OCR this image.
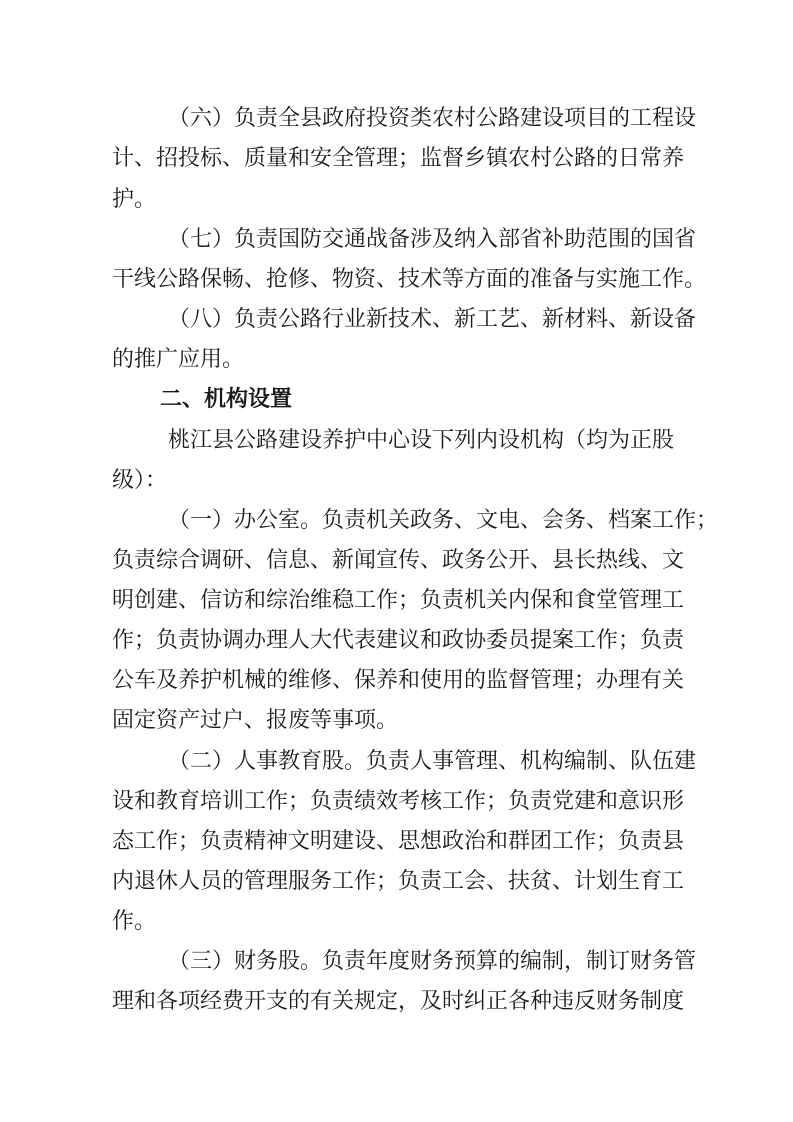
（六）负责全县政府投资类农村公路建设项目的工程设

计、招投标、质量和安全管理；监督乡镇农村公路的日常养

护。

（七）负责国防交通战备涉及纳入部省补助范围的国省

干线公路保畅、抢修、物资、技术等方面的准备与实施工作。

（八）负责公路行业新技术、新工艺、新材料、新设备

的推广应用。

二、机构设置

桃江县公路建设养护中心设下列内设机构（均为正股

级）：

（一）办公室。负责机关政务、文电、会务、档案工作；

负责综合调研、信息、新闻宣传、政务公开、县长热线、文

明创建、信访和综治维稳工作；负责机关内保和食堂管理工

作；负责协调办理人大代表建议和政协委员提案工作；负责

公车及养护机械的维修、保养和使用的监督管理；办理有关

固定资产过户、报废等事项。

（二）人事教育股。负责人事管理、机构编制、队伍建

设和教育培训工作；负责绩效考核工作；负责党建和意识形

态工作；负责精神文明建设、思想政治和群团工作；负责县

内退休人员的管理服务工作；负责工会、扶贫、计划生育工

作。

（三）财务股。负责年度财务预算的编制，制订财务管

理和各项经费开支的有关规定，及时纠正各种违反财务制度
